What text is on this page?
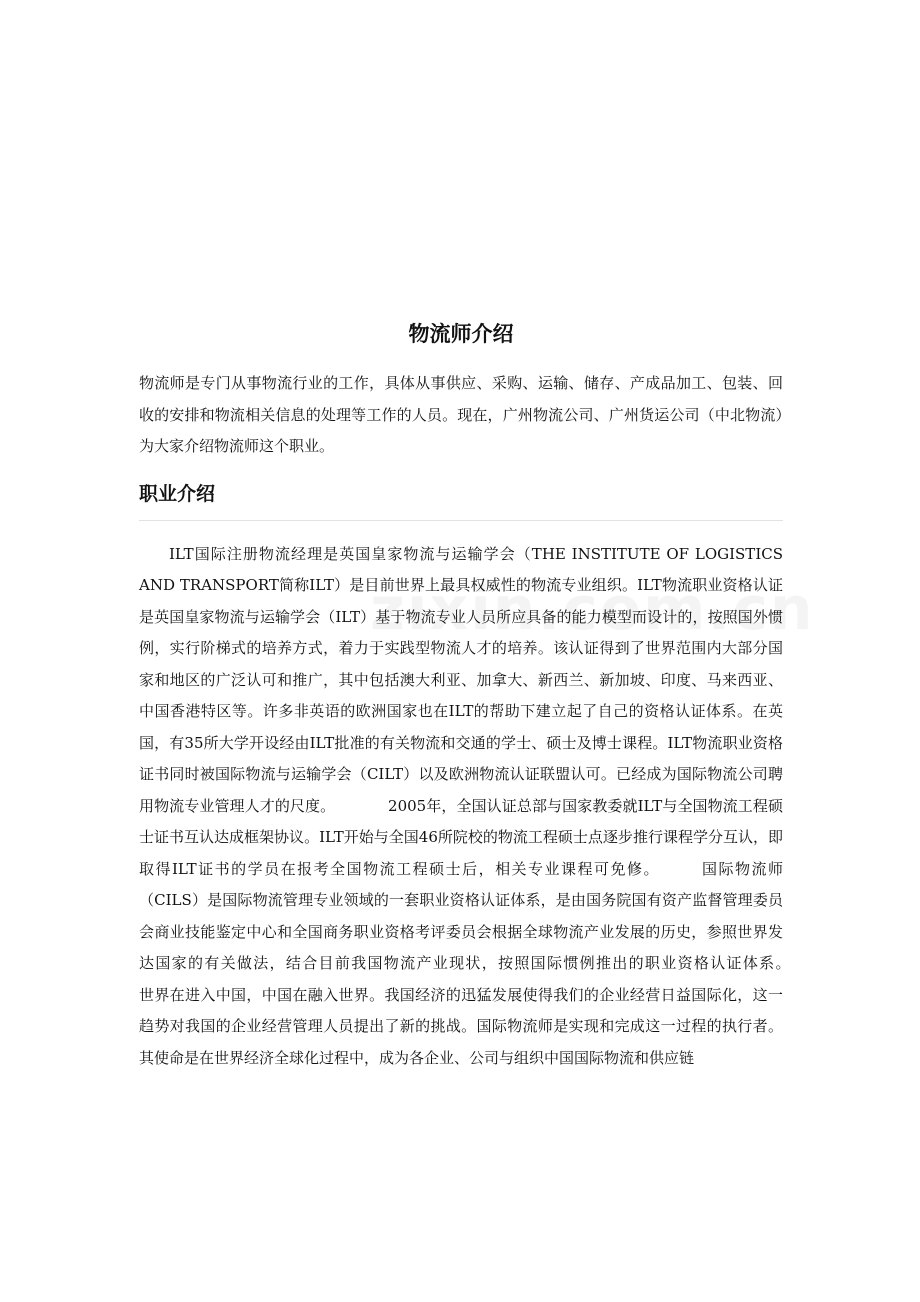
物流师介绍

物流师是专门从事物流行业的工作，具体从事供应、采购、运输、储存、产成品加工、包装、回收的安排和物流相关信息的处理等工作的人员。现在，广州物流公司、广州货运公司（中北物流）为大家介绍物流师这个职业。

职业介绍

ILT国际注册物流经理是英国皇家物流与运输学会（THE INSTITUTE OF LOGISTICS AND TRANSPORT简称ILT）是目前世界上最具权威性的物流专业组织。ILT物流职业资格认证是英国皇家物流与运输学会（ILT）基于物流专业人员所应具备的能力模型而设计的，按照国外惯例，实行阶梯式的培养方式，着力于实践型物流人才的培养。该认证得到了世界范围内大部分国家和地区的广泛认可和推广，其中包括澳大利亚、加拿大、新西兰、新加坡、印度、马来西亚、中国香港特区等。许多非英语的欧洲国家也在ILT的帮助下建立起了自己的资格认证体系。在英国，有35所大学开设经由ILT批准的有关物流和交通的学士、硕士及博士课程。ILT物流职业资格证书同时被国际物流与运输学会（CILT）以及欧洲物流认证联盟认可。已经成为国际物流公司聘用物流专业管理人才的尺度。　　　　2005年，全国认证总部与国家教委就ILT与全国物流工程硕士证书互认达成框架协议。ILT开始与全国46所院校的物流工程硕士点逐步推行课程学分互认，即取得ILT证书的学员在报考全国物流工程硕士后，相关专业课程可免修。　　　国际物流师（CILS）是国际物流管理专业领域的一套职业资格认证体系，是由国务院国有资产监督管理委员会商业技能鉴定中心和全国商务职业资格考评委员会根据全球物流产业发展的历史，参照世界发达国家的有关做法，结合目前我国物流产业现状，按照国际惯例推出的职业资格认证体系。　　　　世界在进入中国，中国在融入世界。我国经济的迅猛发展使得我们的企业经营日益国际化，这一趋势对我国的企业经营管理人员提出了新的挑战。国际物流师是实现和完成这一过程的执行者。其使命是在世界经济全球化过程中，成为各企业、公司与组织中国国际物流和供应链
